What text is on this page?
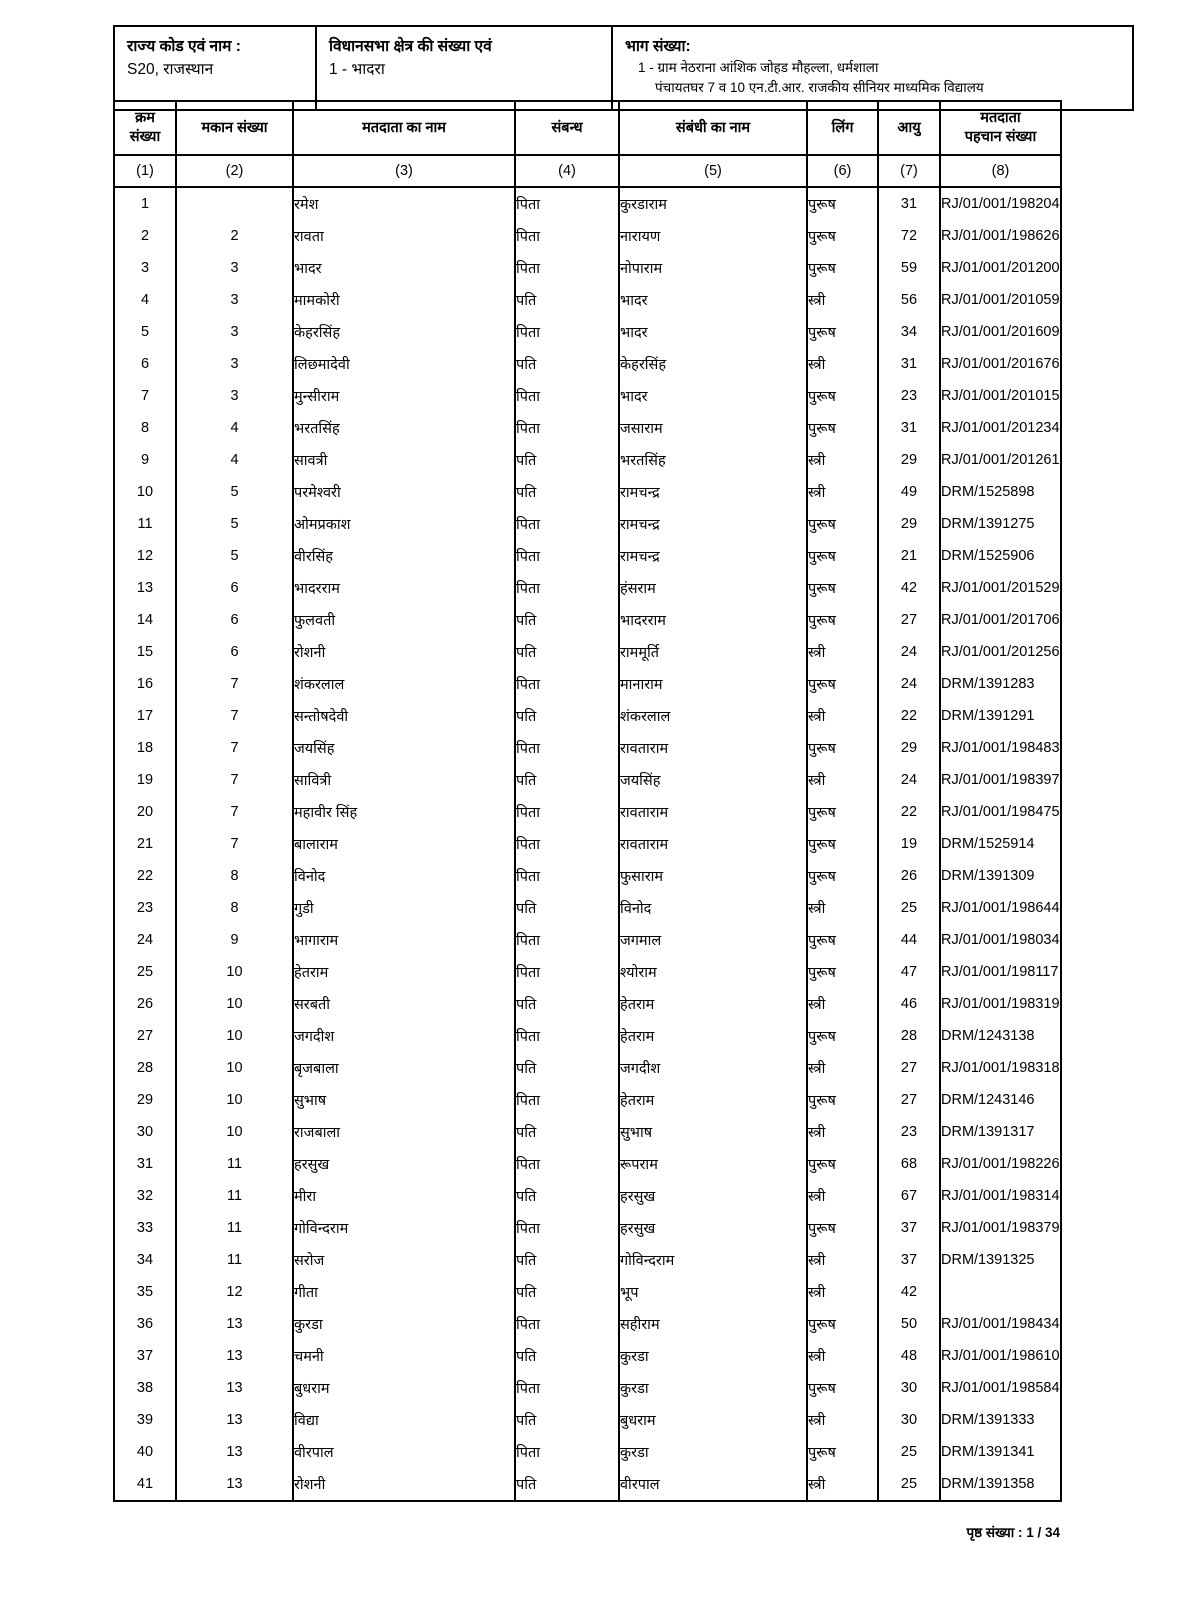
राज्य कोड एवं नाम :
S20, राजस्थान

विधानसभा क्षेत्र की संख्या एवं
1 - भादरा

भाग संख्या:
1 - ग्राम नेठराना आंशिक जोहड मौहल्ला, धर्मशाला
पंचायतघर 7 व 10 एन.टी.आर. राजकीय सीनियर माध्यमिक विद्यालय
क्रम
संख्या	मकान संख्या	मतदाता का नाम	संबन्ध	संबंधी का नाम	लिंग	आयु	मतदाता
पहचान संख्या
(1)	(2)	(3)	(4)	(5)	(6)	(7)	(8)
1		रमेश	पिता	कुरडाराम	पुरूष	31	RJ/01/001/198204
2	2	रावता	पिता	नारायण	पुरूष	72	RJ/01/001/198626
3	3	भादर	पिता	नोपाराम	पुरूष	59	RJ/01/001/201200
4	3	मामकोरी	पति	भादर	स्त्री	56	RJ/01/001/201059
5	3	केहरसिंह	पिता	भादर	पुरूष	34	RJ/01/001/201609
6	3	लिछमादेवी	पति	केहरसिंह	स्त्री	31	RJ/01/001/201676
7	3	मुन्सीराम	पिता	भादर	पुरूष	23	RJ/01/001/201015
8	4	भरतसिंह	पिता	जसाराम	पुरूष	31	RJ/01/001/201234
9	4	सावत्री	पति	भरतसिंह	स्त्री	29	RJ/01/001/201261
10	5	परमेश्वरी	पति	रामचन्द्र	स्त्री	49	DRM/1525898
11	5	ओमप्रकाश	पिता	रामचन्द्र	पुरूष	29	DRM/1391275
12	5	वीरसिंह	पिता	रामचन्द्र	पुरूष	21	DRM/1525906
13	6	भादरराम	पिता	हंसराम	पुरूष	42	RJ/01/001/201529
14	6	फुलवती	पति	भादरराम	पुरूष	27	RJ/01/001/201706
15	6	रोशनी	पति	राममूर्ति	स्त्री	24	RJ/01/001/201256
16	7	शंकरलाल	पिता	मानाराम	पुरूष	24	DRM/1391283
17	7	सन्तोषदेवी	पति	शंकरलाल	स्त्री	22	DRM/1391291
18	7	जयसिंह	पिता	रावताराम	पुरूष	29	RJ/01/001/198483
19	7	सावित्री	पति	जयसिंह	स्त्री	24	RJ/01/001/198397
20	7	महावीर सिंह	पिता	रावताराम	पुरूष	22	RJ/01/001/198475
21	7	बालाराम	पिता	रावताराम	पुरूष	19	DRM/1525914
22	8	विनोद	पिता	फुसाराम	पुरूष	26	DRM/1391309
23	8	गुडी	पति	विनोद	स्त्री	25	RJ/01/001/198644
24	9	भागाराम	पिता	जगमाल	पुरूष	44	RJ/01/001/198034
25	10	हेतराम	पिता	श्योराम	पुरूष	47	RJ/01/001/198117
26	10	सरबती	पति	हेतराम	स्त्री	46	RJ/01/001/198319
27	10	जगदीश	पिता	हेतराम	पुरूष	28	DRM/1243138
28	10	बृजबाला	पति	जगदीश	स्त्री	27	RJ/01/001/198318
29	10	सुभाष	पिता	हेतराम	पुरूष	27	DRM/1243146
30	10	राजबाला	पति	सुभाष	स्त्री	23	DRM/1391317
31	11	हरसुख	पिता	रूपराम	पुरूष	68	RJ/01/001/198226
32	11	मीरा	पति	हरसुख	स्त्री	67	RJ/01/001/198314
33	11	गोविन्दराम	पिता	हरसुख	पुरूष	37	RJ/01/001/198379
34	11	सरोज	पति	गोविन्दराम	स्त्री	37	DRM/1391325
35	12	गीता	पति	भूप	स्त्री	42	
36	13	कुरडा	पिता	सहीराम	पुरूष	50	RJ/01/001/198434
37	13	चमनी	पति	कुरडा	स्त्री	48	RJ/01/001/198610
38	13	बुधराम	पिता	कुरडा	पुरूष	30	RJ/01/001/198584
39	13	विद्या	पति	बुधराम	स्त्री	30	DRM/1391333
40	13	वीरपाल	पिता	कुरडा	पुरूष	25	DRM/1391341
41	13	रोशनी	पति	वीरपाल	स्त्री	25	DRM/1391358
पृष्ठ संख्या : 1 / 34
